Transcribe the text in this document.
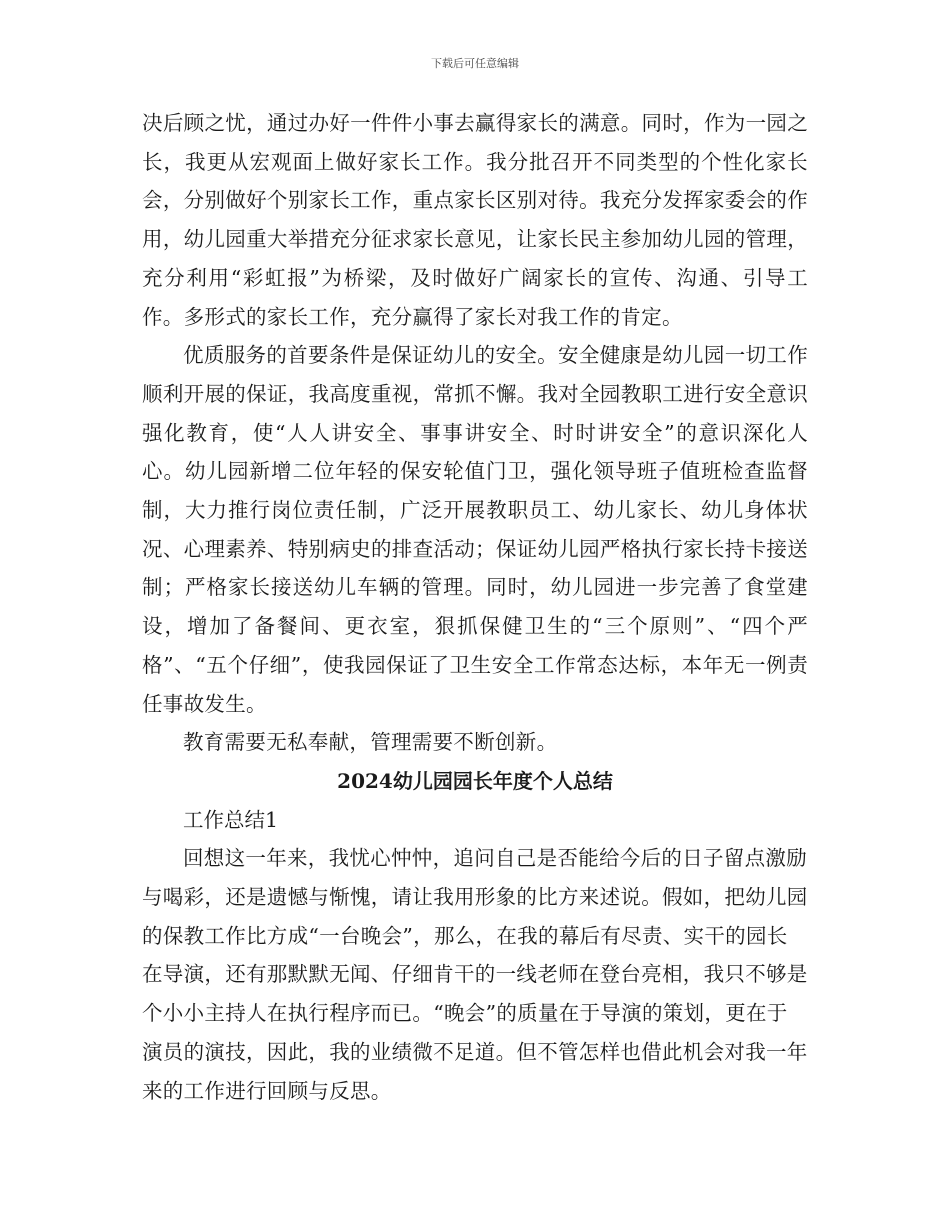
下载后可任意编辑

决后顾之忧，通过办好一件件小事去赢得家长的满意。同时，作为一园之长，我更从宏观面上做好家长工作。我分批召开不同类型的个性化家长会，分别做好个别家长工作，重点家长区别对待。我充分发挥家委会的作用，幼儿园重大举措充分征求家长意见，让家长民主参加幼儿园的管理，充分利用“彩虹报”为桥梁，及时做好广阔家长的宣传、沟通、引导工作。多形式的家长工作，充分赢得了家长对我工作的肯定。

优质服务的首要条件是保证幼儿的安全。安全健康是幼儿园一切工作顺利开展的保证，我高度重视，常抓不懈。我对全园教职工进行安全意识强化教育，使“人人讲安全、事事讲安全、时时讲安全”的意识深化人心。幼儿园新增二位年轻的保安轮值门卫，强化领导班子值班检查监督制，大力推行岗位责任制，广泛开展教职员工、幼儿家长、幼儿身体状况、心理素养、特别病史的排查活动；保证幼儿园严格执行家长持卡接送制；严格家长接送幼儿车辆的管理。同时，幼儿园进一步完善了食堂建设，增加了备餐间、更衣室，狠抓保健卫生的“三个原则”、“四个严格”、“五个仔细”，使我园保证了卫生安全工作常态达标，本年无一例责任事故发生。

教育需要无私奉献，管理需要不断创新。

2024幼儿园园长年度个人总结

工作总结1

回想这一年来，我忧心忡忡，追问自己是否能给今后的日子留点激励与喝彩，还是遗憾与惭愧，请让我用形象的比方来述说。假如，把幼儿园的保教工作比方成“一台晚会”，那么，在我的幕后有尽责、实干的园长在导演，还有那默默无闻、仔细肯干的一线老师在登台亮相，我只不够是个小小主持人在执行程序而已。“晚会”的质量在于导演的策划，更在于演员的演技，因此，我的业绩微不足道。但不管怎样也借此机会对我一年来的工作进行回顾与反思。
